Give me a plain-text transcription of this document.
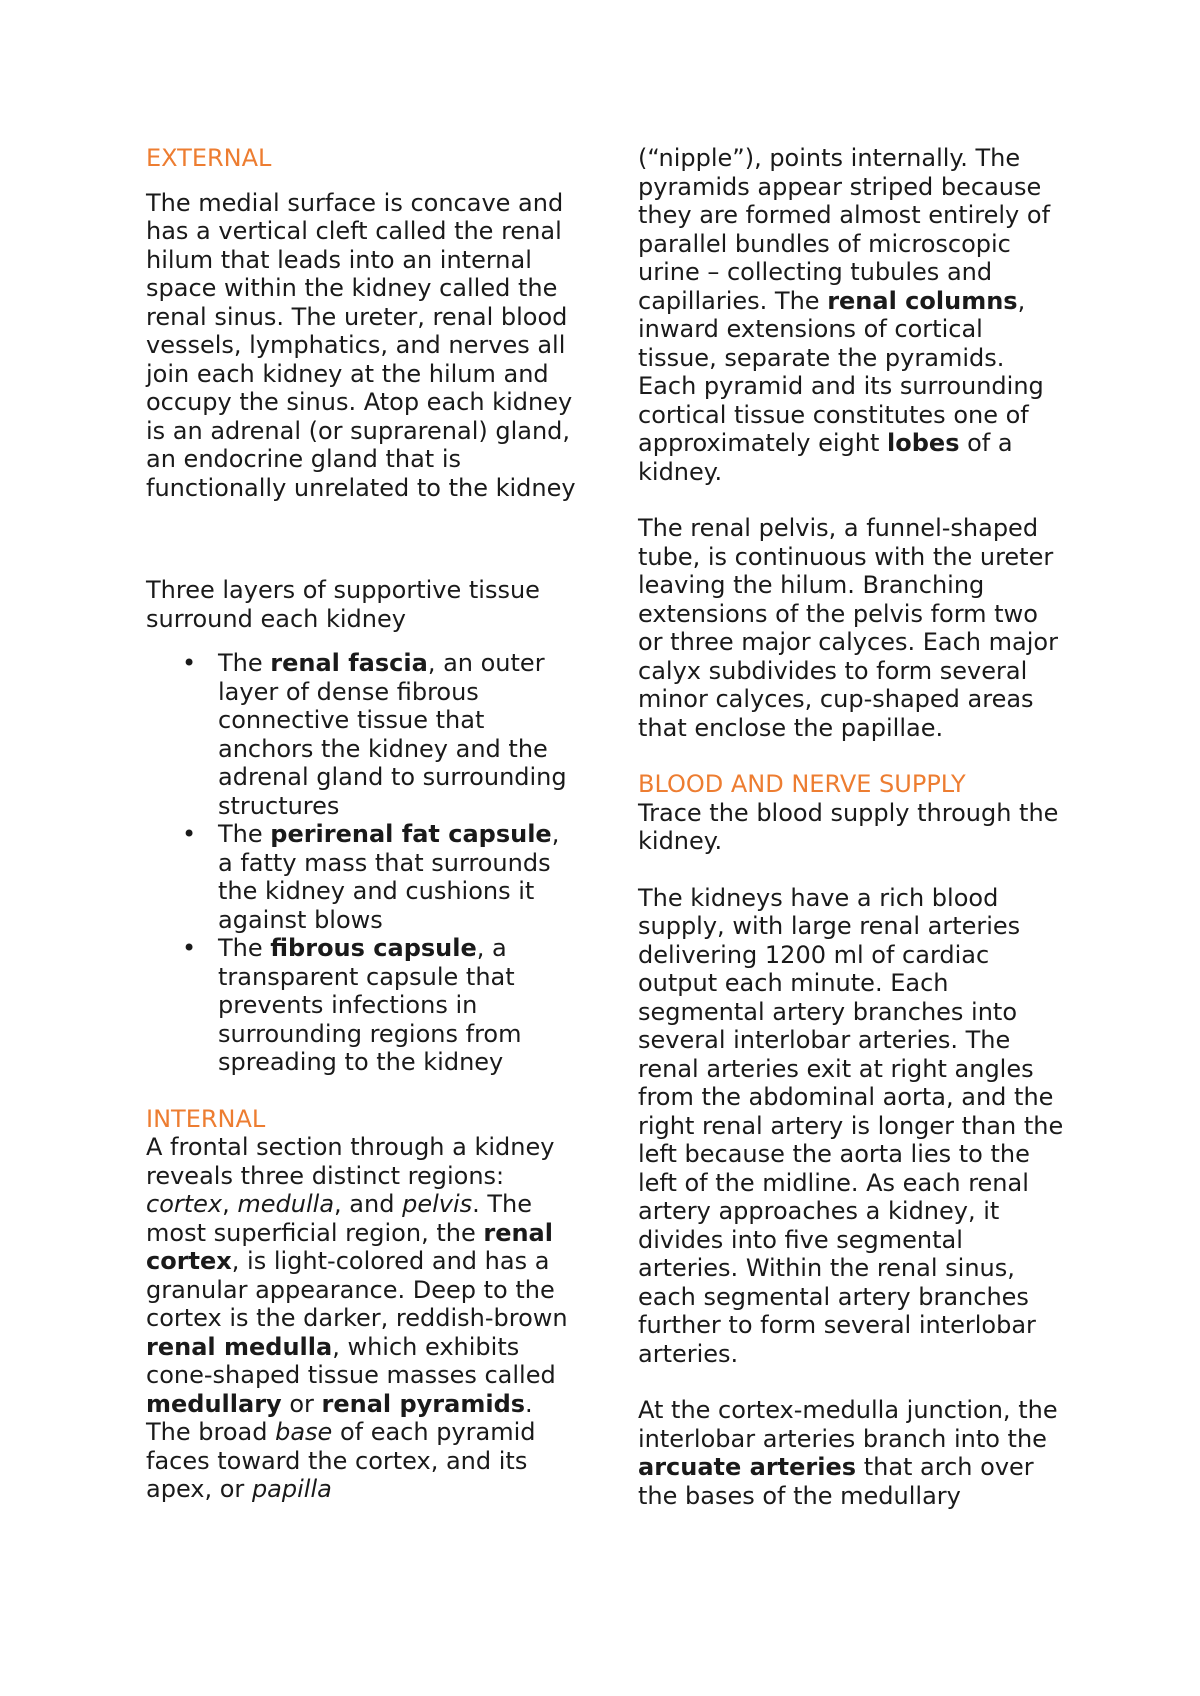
EXTERNAL

The medial surface is concave and has a vertical cleft called the renal hilum that leads into an internal space within the kidney called the renal sinus. The ureter, renal blood vessels, lymphatics, and nerves all join each kidney at the hilum and occupy the sinus. Atop each kidney is an adrenal (or suprarenal) gland, an endocrine gland that is functionally unrelated to the kidney

Three layers of supportive tissue surround each kidney

• The renal fascia, an outer layer of dense fibrous connective tissue that anchors the kidney and the adrenal gland to surrounding structures
• The perirenal fat capsule, a fatty mass that surrounds the kidney and cushions it against blows
• The fibrous capsule, a transparent capsule that prevents infections in surrounding regions from spreading to the kidney
INTERNAL

A frontal section through a kidney reveals three distinct regions: cortex, medulla, and pelvis. The most superficial region, the renal cortex, is light-colored and has a granular appearance. Deep to the cortex is the darker, reddish-brown renal medulla, which exhibits cone-shaped tissue masses called medullary or renal pyramids. The broad base of each pyramid faces toward the cortex, and its apex, or papilla

(“nipple”), points internally. The pyramids appear striped because they are formed almost entirely of parallel bundles of microscopic urine – collecting tubules and capillaries. The renal columns, inward extensions of cortical tissue, separate the pyramids. Each pyramid and its surrounding cortical tissue constitutes one of approximately eight lobes of a kidney.

The renal pelvis, a funnel-shaped tube, is continuous with the ureter leaving the hilum. Branching extensions of the pelvis form two or three major calyces. Each major calyx subdivides to form several minor calyces, cup-shaped areas that enclose the papillae.

BLOOD AND NERVE SUPPLY

Trace the blood supply through the kidney.

The kidneys have a rich blood supply, with large renal arteries delivering 1200 ml of cardiac output each minute. Each segmental artery branches into several interlobar arteries. The renal arteries exit at right angles from the abdominal aorta, and the right renal artery is longer than the left because the aorta lies to the left of the midline. As each renal artery approaches a kidney, it divides into five segmental arteries. Within the renal sinus, each segmental artery branches further to form several interlobar arteries.

At the cortex-medulla junction, the interlobar arteries branch into the arcuate arteries that arch over the bases of the medullary
